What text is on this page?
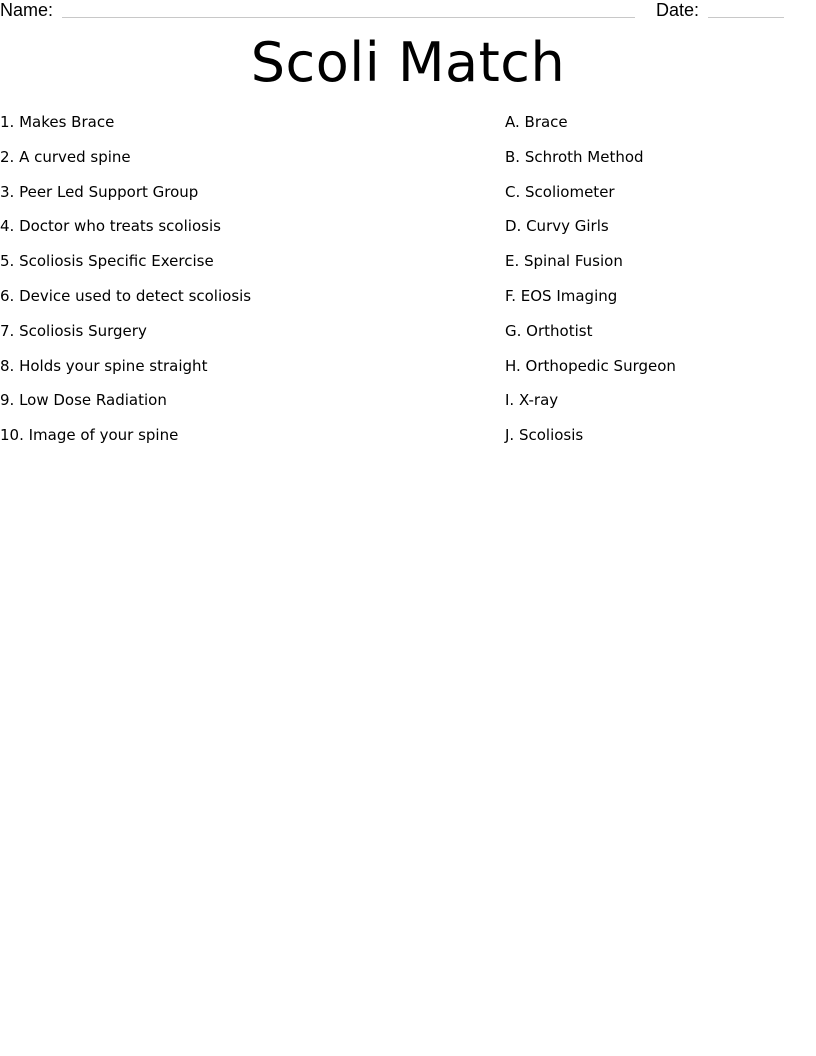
Name:	Date:
Scoli Match
1. Makes Brace
2. A curved spine
3. Peer Led Support Group
4. Doctor who treats scoliosis
5. Scoliosis Specific Exercise
6. Device used to detect scoliosis
7. Scoliosis Surgery
8. Holds your spine straight
9. Low Dose Radiation
10. Image of your spine
A. Brace
B. Schroth Method
C. Scoliometer
D. Curvy Girls
E. Spinal Fusion
F. EOS Imaging
G. Orthotist
H. Orthopedic Surgeon
I. X-ray
J. Scoliosis
